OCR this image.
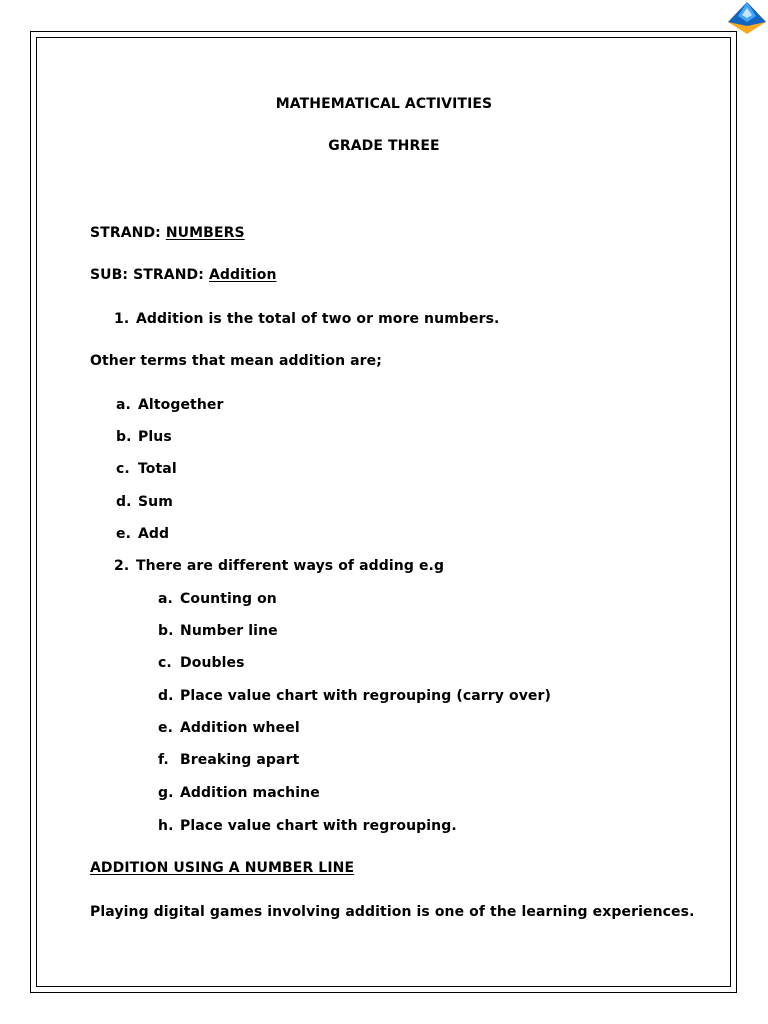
MATHEMATICAL ACTIVITIES
GRADE THREE
STRAND: NUMBERS
SUB: STRAND: Addition
1. Addition is the total of two or more numbers.
Other terms that mean addition are;
a. Altogether
b. Plus
c. Total
d. Sum
e. Add
2. There are different ways of adding e.g
a. Counting on
b. Number line
c. Doubles
d. Place value chart with regrouping (carry over)
e. Addition wheel
f. Breaking apart
g. Addition machine
h. Place value chart with regrouping.
ADDITION USING A NUMBER LINE
Playing digital games involving addition is one of the learning experiences.
